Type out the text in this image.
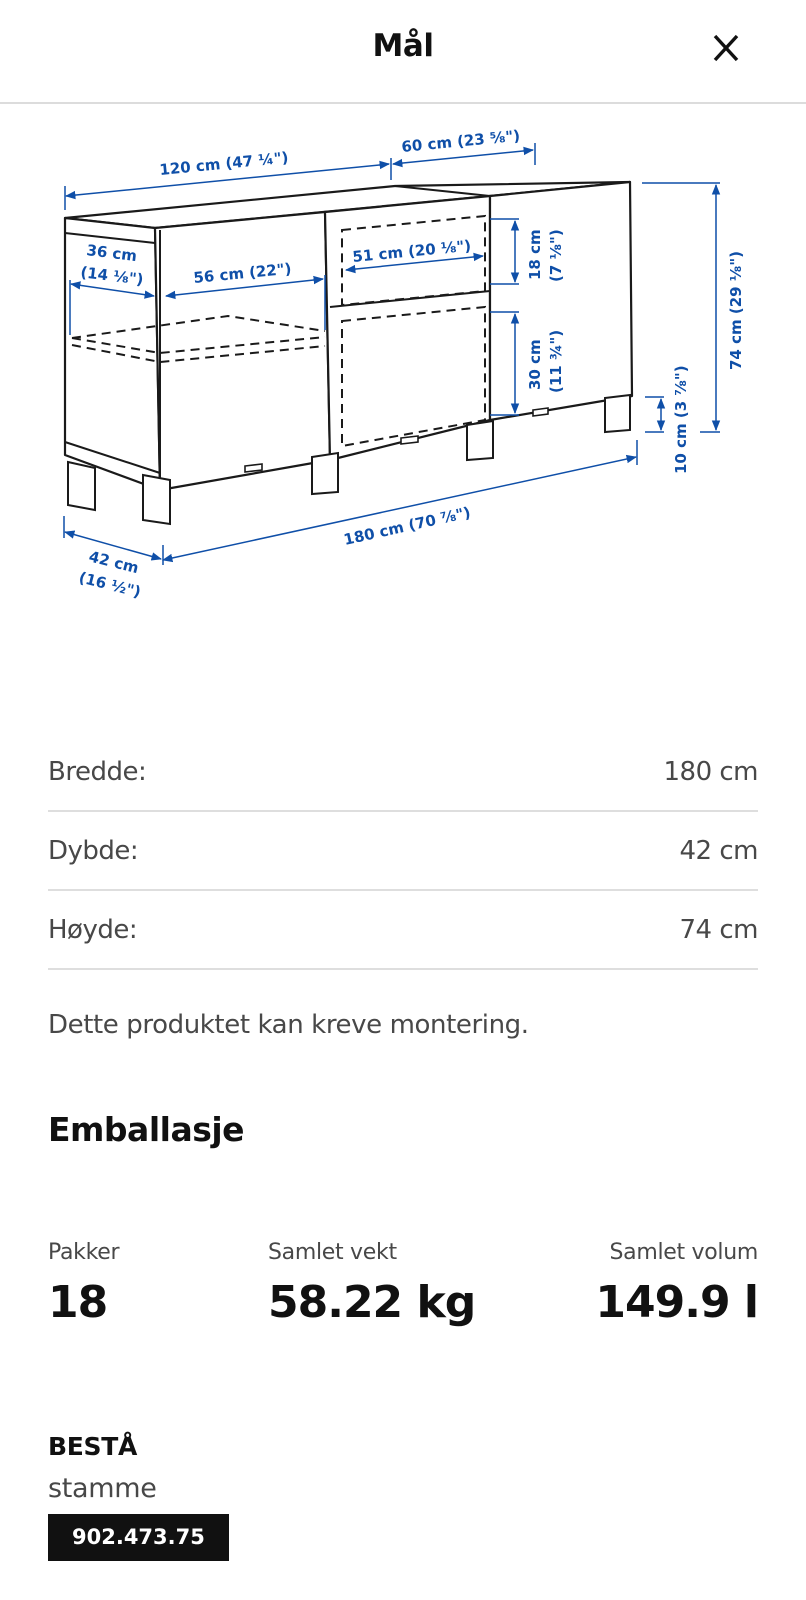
Mål
120 cm (47 ¼")
60 cm (23 ⅝")
36 cm
(14 ⅛")	56 cm (22")
51 cm (20 ⅛")	18 cm (7 ⅛")
30 cm (11 ¾")	74 cm (29 ⅛")
10 cm (3 ⅞")
180 cm (70 ⅞")
42 cm
(16 ½")
Bredde:	180 cm
Dybde:	42 cm
Høyde:	74 cm
Dette produktet kan kreve montering.
Emballasje
Pakker
18
Samlet vekt
58.22 kg
Samlet volum
149.9 l
BESTÅ
stamme
902.473.75
